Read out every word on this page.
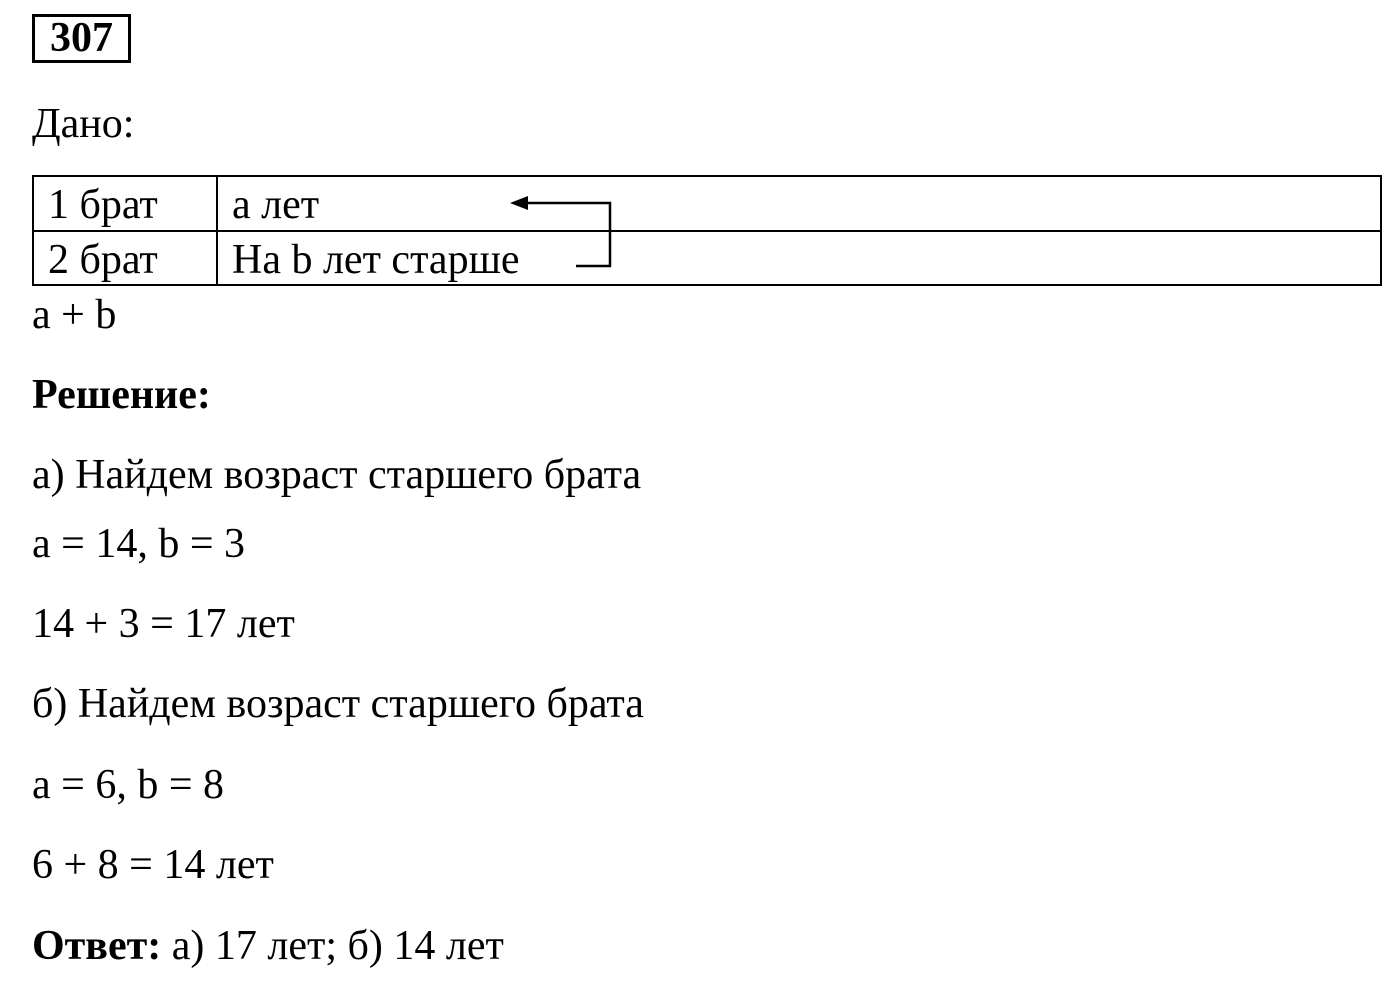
307
Дано:
1 брат а лет
2 брат На b лет старше
a + b
Решение:
а) Найдем возраст старшего брата
a = 14, b = 3
14 + 3 = 17 лет
б) Найдем возраст старшего брата
a = 6, b = 8
6 + 8 = 14 лет
Ответ: а) 17 лет; б) 14 лет
